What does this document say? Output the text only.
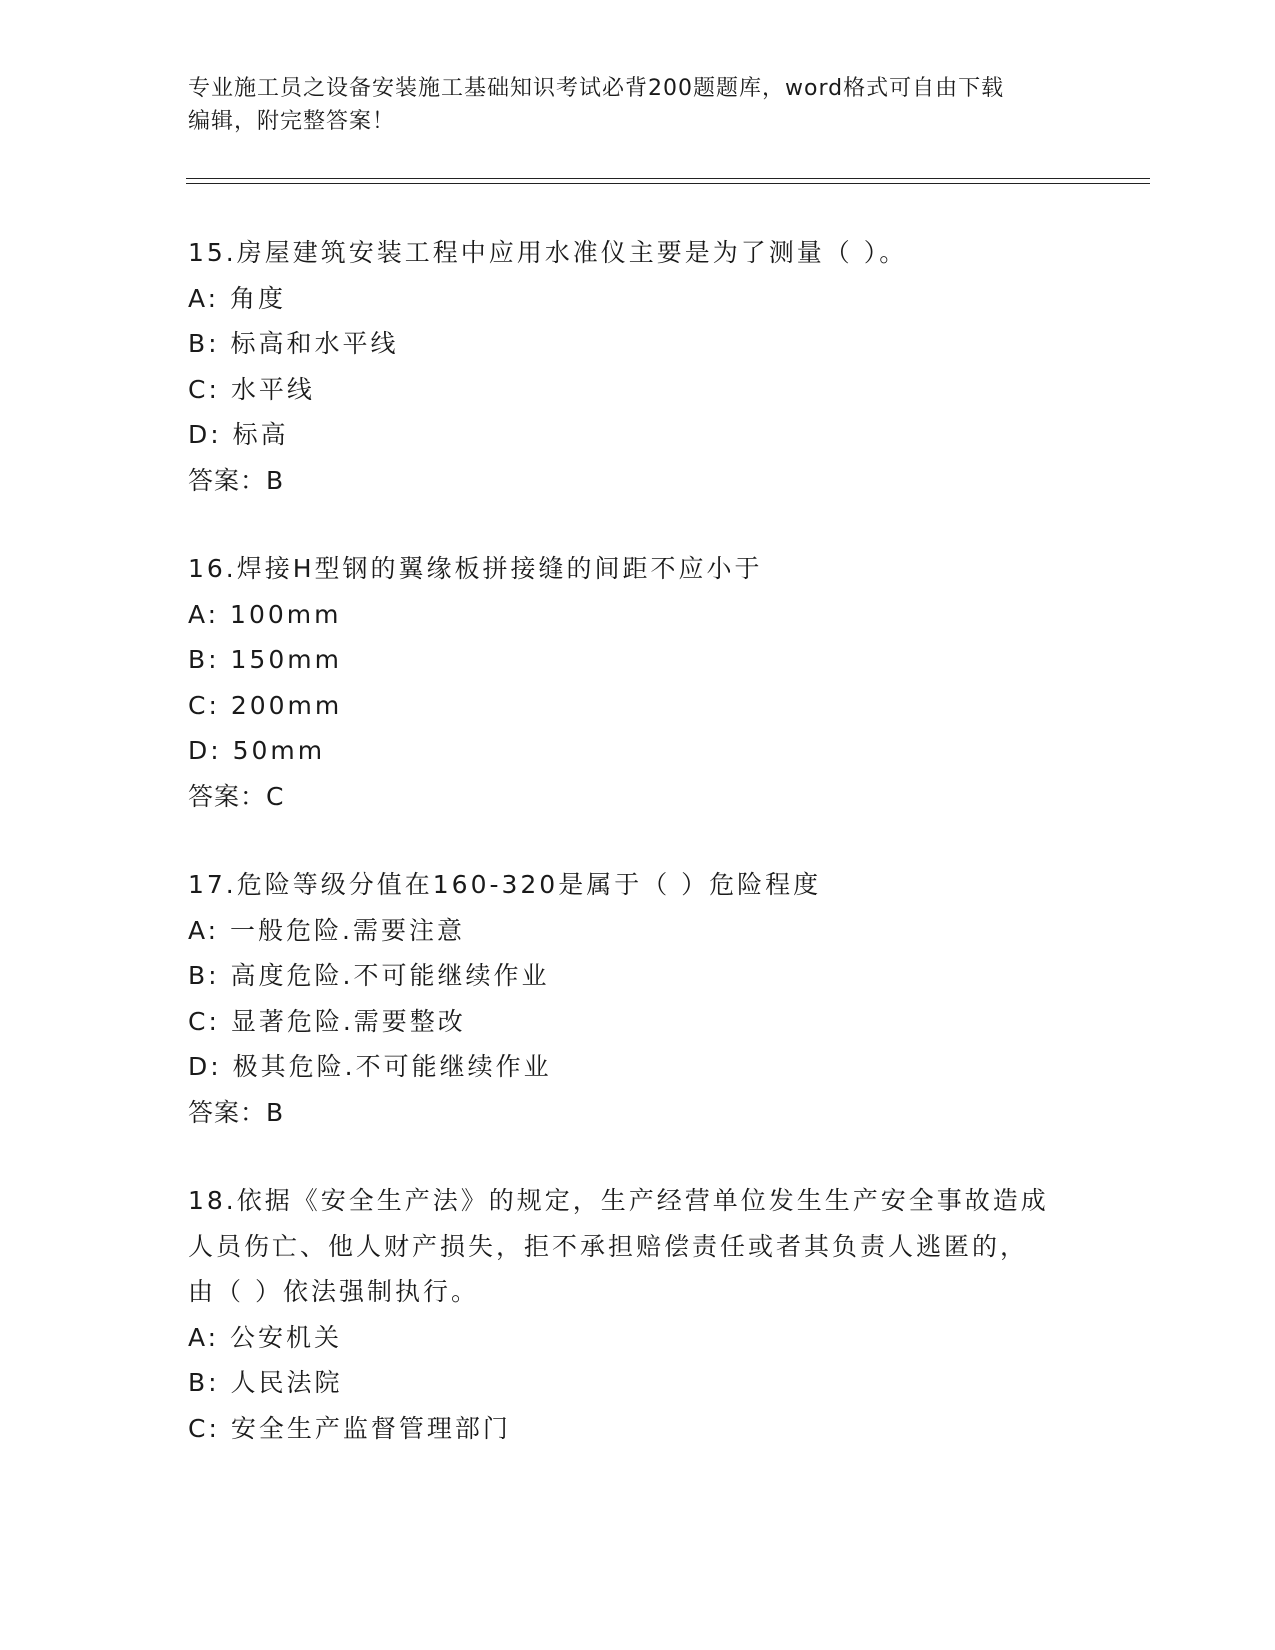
专业施工员之设备安装施工基础知识考试必背200题题库，word格式可自由下载
编辑，附完整答案！
15.房屋建筑安装工程中应用水准仪主要是为了测量（ ）。
A: 角度
B: 标高和水平线
C: 水平线
D: 标高
答案：B
16.焊接H型钢的翼缘板拼接缝的间距不应小于
A: 100mm
B: 150mm
C: 200mm
D: 50mm
答案：C
17.危险等级分值在160-320是属于（ ）危险程度
A: 一般危险.需要注意
B: 高度危险.不可能继续作业
C: 显著危险.需要整改
D: 极其危险.不可能继续作业
答案：B
18.依据《安全生产法》的规定，生产经营单位发生生产安全事故造成
人员伤亡、他人财产损失，拒不承担赔偿责任或者其负责人逃匿的，
由（ ）依法强制执行。
A: 公安机关
B: 人民法院
C: 安全生产监督管理部门
